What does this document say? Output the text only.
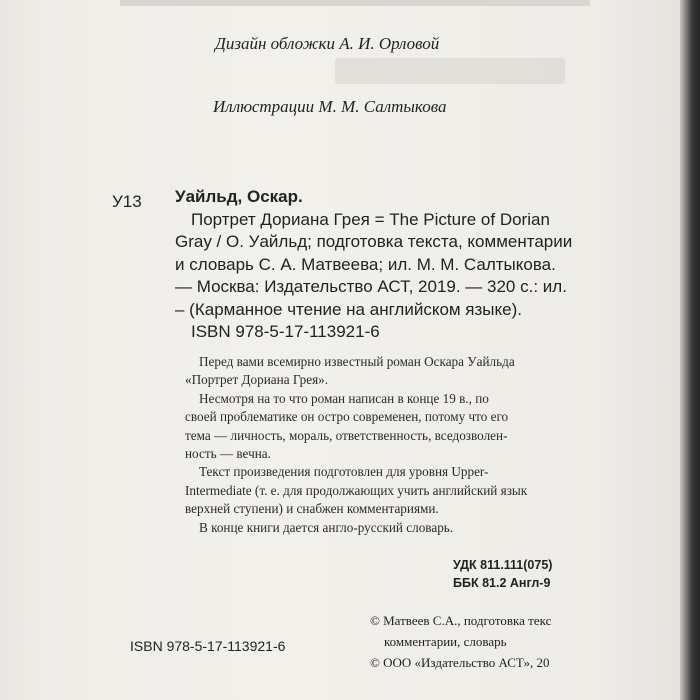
Дизайн обложки А. И. Орловой
Иллюстрации М. М. Салтыкова
У13 Уайльд, Оскар.
Портрет Дориана Грея = The Picture of Dorian
Gray / О. Уайльд; подготовка текста, комментарии
и словарь С. А. Матвеева; ил. М. М. Салтыкова.
— Москва: Издательство АСТ, 2019. — 320 с.: ил.
– (Карманное чтение на английском языке).
ISBN 978-5-17-113921-6
Перед вами всемирно известный роман Оскара Уайльда
«Портрет Дориана Грея».
Несмотря на то что роман написан в конце 19 в., по
своей проблематике он остро современен, потому что его
тема — личность, мораль, ответственность, вседозволен-
ность — вечна.
Текст произведения подготовлен для уровня Upper-
Intermediate (т. е. для продолжающих учить английский язык
верхней ступени) и снабжен комментариями.
В конце книги дается англо-русский словарь.
УДК 811.111(075)
ББК 81.2 Англ-9
© Матвеев С.А., подготовка текс
комментарии, словарь
© ООО «Издательство АСТ», 20
ISBN 978-5-17-113921-6
